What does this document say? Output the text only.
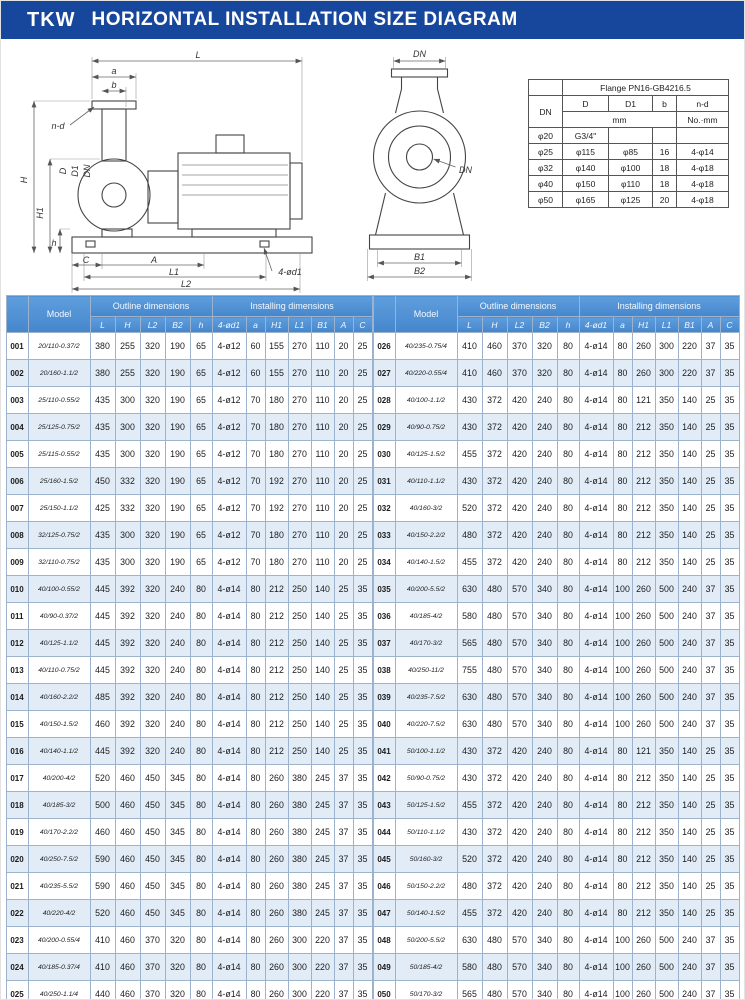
TKW HORIZONTAL INSTALLATION SIZE DIAGRAM
L
a
b
n-d
H
H1
D D1 DN
h
C	A
L1
L2
4-ød1
DN
DN
B1
B2
	Flange PN16-GB4216.5			
DN	D	D1	b	n-d
	mm			No.·mm
φ20	G3/4"			
φ25	φ115	φ85	16	4-φ14
φ32	φ140	φ100	18	4-φ18
φ40	φ150	φ110	18	4-φ18
φ50	φ165	φ125	20	4-φ18
	Model	Outline dimensions					Installing dimensions						
		L	H	L2	B2	h	4-ød1	a	H1	L1	B1	A	C
001	20/110-0.37/2	380	255	320	190	65	4-ø12	60	155	270	110	20	25
002	20/160-1.1/2	380	255	320	190	65	4-ø12	60	155	270	110	20	25
003	25/110-0.55/2	435	300	320	190	65	4-ø12	70	180	270	110	20	25
004	25/125-0.75/2	435	300	320	190	65	4-ø12	70	180	270	110	20	25
005	25/115-0.55/2	435	300	320	190	65	4-ø12	70	180	270	110	20	25
006	25/160-1.5/2	450	332	320	190	65	4-ø12	70	192	270	110	20	25
007	25/150-1.1/2	425	332	320	190	65	4-ø12	70	192	270	110	20	25
008	32/125-0.75/2	435	300	320	190	65	4-ø12	70	180	270	110	20	25
009	32/110-0.75/2	435	300	320	190	65	4-ø12	70	180	270	110	20	25
010	40/100-0.55/2	445	392	320	240	80	4-ø14	80	212	250	140	25	35
011	40/90-0.37/2	445	392	320	240	80	4-ø14	80	212	250	140	25	35
012	40/125-1.1/2	445	392	320	240	80	4-ø14	80	212	250	140	25	35
013	40/110-0.75/2	445	392	320	240	80	4-ø14	80	212	250	140	25	35
014	40/160-2.2/2	485	392	320	240	80	4-ø14	80	212	250	140	25	35
015	40/150-1.5/2	460	392	320	240	80	4-ø14	80	212	250	140	25	35
016	40/140-1.1/2	445	392	320	240	80	4-ø14	80	212	250	140	25	35
017	40/200-4/2	520	460	450	345	80	4-ø14	80	260	380	245	37	35
018	40/185-3/2	500	460	450	345	80	4-ø14	80	260	380	245	37	35
019	40/170-2.2/2	460	460	450	345	80	4-ø14	80	260	380	245	37	35
020	40/250-7.5/2	590	460	450	345	80	4-ø14	80	260	380	245	37	35
021	40/235-5.5/2	590	460	450	345	80	4-ø14	80	260	380	245	37	35
022	40/220-4/2	520	460	450	345	80	4-ø14	80	260	380	245	37	35
023	40/200-0.55/4	410	460	370	320	80	4-ø14	80	260	300	220	37	35
024	40/185-0.37/4	410	460	370	320	80	4-ø14	80	260	300	220	37	35
025	40/250-1.1/4	440	460	370	320	80	4-ø14	80	260	300	220	37	35
	Model	Outline dimensions					Installing dimensions						
		L	H	L2	B2	h	4-ød1	a	H1	L1	B1	A	C
026	40/235-0.75/4	410	460	370	320	80	4-ø14	80	260	300	220	37	35
027	40/220-0.55/4	410	460	370	320	80	4-ø14	80	260	300	220	37	35
028	40/100-1.1/2	430	372	420	240	80	4-ø14	80	121	350	140	25	35
029	40/90-0.75/2	430	372	420	240	80	4-ø14	80	212	350	140	25	35
030	40/125-1.5/2	455	372	420	240	80	4-ø14	80	212	350	140	25	35
031	40/110-1.1/2	430	372	420	240	80	4-ø14	80	212	350	140	25	35
032	40/160-3/2	520	372	420	240	80	4-ø14	80	212	350	140	25	35
033	40/150-2.2/2	480	372	420	240	80	4-ø14	80	212	350	140	25	35
034	40/140-1.5/2	455	372	420	240	80	4-ø14	80	212	350	140	25	35
035	40/200-5.5/2	630	480	570	340	80	4-ø14	100	260	500	240	37	35
036	40/185-4/2	580	480	570	340	80	4-ø14	100	260	500	240	37	35
037	40/170-3/2	565	480	570	340	80	4-ø14	100	260	500	240	37	35
038	40/250-11/2	755	480	570	340	80	4-ø14	100	260	500	240	37	35
039	40/235-7.5/2	630	480	570	340	80	4-ø14	100	260	500	240	37	35
040	40/220-7.5/2	630	480	570	340	80	4-ø14	100	260	500	240	37	35
041	50/100-1.1/2	430	372	420	240	80	4-ø14	80	121	350	140	25	35
042	50/90-0.75/2	430	372	420	240	80	4-ø14	80	212	350	140	25	35
043	50/125-1.5/2	455	372	420	240	80	4-ø14	80	212	350	140	25	35
044	50/110-1.1/2	430	372	420	240	80	4-ø14	80	212	350	140	25	35
045	50/160-3/2	520	372	420	240	80	4-ø14	80	212	350	140	25	35
046	50/150-2.2/2	480	372	420	240	80	4-ø14	80	212	350	140	25	35
047	50/140-1.5/2	455	372	420	240	80	4-ø14	80	212	350	140	25	35
048	50/200-5.5/2	630	480	570	340	80	4-ø14	100	260	500	240	37	35
049	50/185-4/2	580	480	570	340	80	4-ø14	100	260	500	240	37	35
050	50/170-3/2	565	480	570	340	80	4-ø14	100	260	500	240	37	35
